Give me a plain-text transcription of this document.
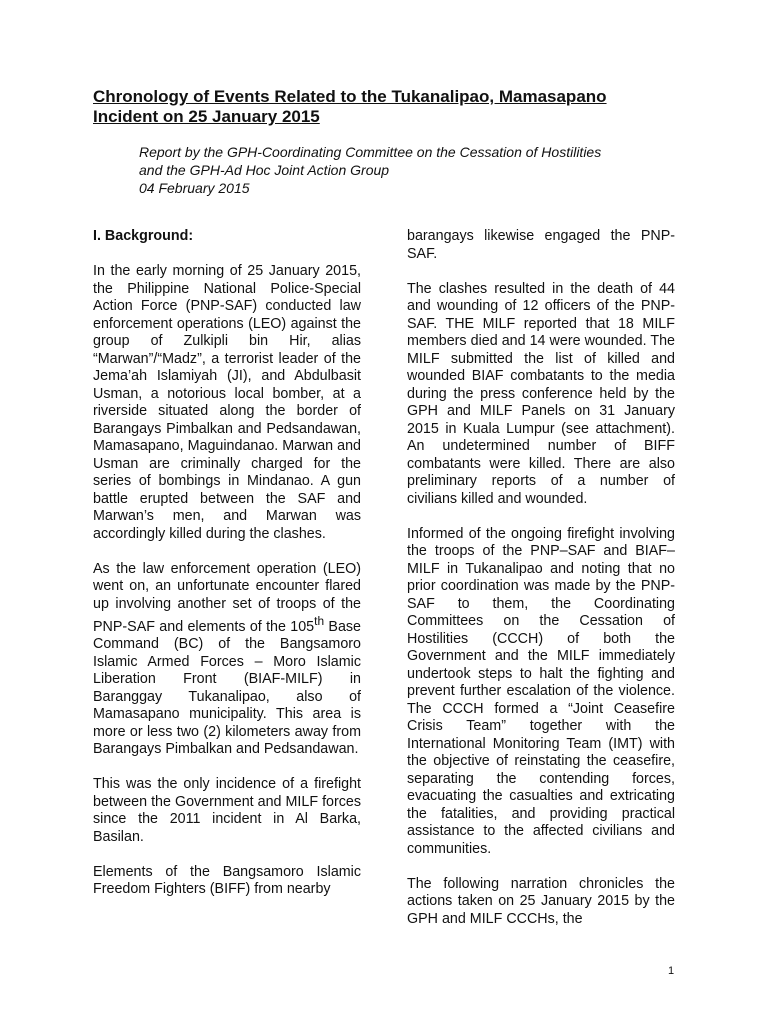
Chronology of Events Related to the Tukanalipao, Mamasapano Incident on 25 January 2015
Report by the GPH-Coordinating Committee on the Cessation of Hostilities
and the GPH-Ad Hoc Joint Action Group
04 February 2015
I. Background:

In the early morning of 25 January 2015, the Philippine National Police-Special Action Force (PNP-SAF) conducted law enforcement operations (LEO) against the group of Zulkipli bin Hir, alias “Marwan”/“Madz”, a terrorist leader of the Jema’ah Islamiyah (JI), and Abdulbasit Usman, a notorious local bomber, at a riverside situated along the border of Barangays Pimbalkan and Pedsandawan, Mamasapano, Maguindanao. Marwan and Usman are criminally charged for the series of bombings in Mindanao. A gun battle erupted between the SAF and Marwan’s men, and Marwan was accordingly killed during the clashes.

As the law enforcement operation (LEO) went on, an unfortunate encounter flared up involving another set of troops of the PNP-SAF and elements of the 105th Base Command (BC) of the Bangsamoro Islamic Armed Forces – Moro Islamic Liberation Front (BIAF-MILF) in Baranggay Tukanalipao, also of Mamasapano municipality. This area is more or less two (2) kilometers away from Barangays Pimbalkan and Pedsandawan.

This was the only incidence of a firefight between the Government and MILF forces since the 2011 incident in Al Barka, Basilan.

Elements of the Bangsamoro Islamic Freedom Fighters (BIFF) from nearby

barangays likewise engaged the PNP-SAF.

The clashes resulted in the death of 44 and wounding of 12 officers of the PNP-SAF. THE MILF reported that 18 MILF members died and 14 were wounded. The MILF submitted the list of killed and wounded BIAF combatants to the media during the press conference held by the GPH and MILF Panels on 31 January 2015 in Kuala Lumpur (see attachment). An undetermined number of BIFF combatants were killed. There are also preliminary reports of a number of civilians killed and wounded.

Informed of the ongoing firefight involving the troops of the PNP–SAF and BIAF–MILF in Tukanalipao and noting that no prior coordination was made by the PNP-SAF to them, the Coordinating Committees on the Cessation of Hostilities (CCCH) of both the Government and the MILF immediately undertook steps to halt the fighting and prevent further escalation of the violence. The CCCH formed a “Joint Ceasefire Crisis Team” together with the International Monitoring Team (IMT) with the objective of reinstating the ceasefire, separating the contending forces, evacuating the casualties and extricating the fatalities, and providing practical assistance to the affected civilians and communities.

The following narration chronicles the actions taken on 25 January 2015 by the GPH and MILF CCCHs, the

1
